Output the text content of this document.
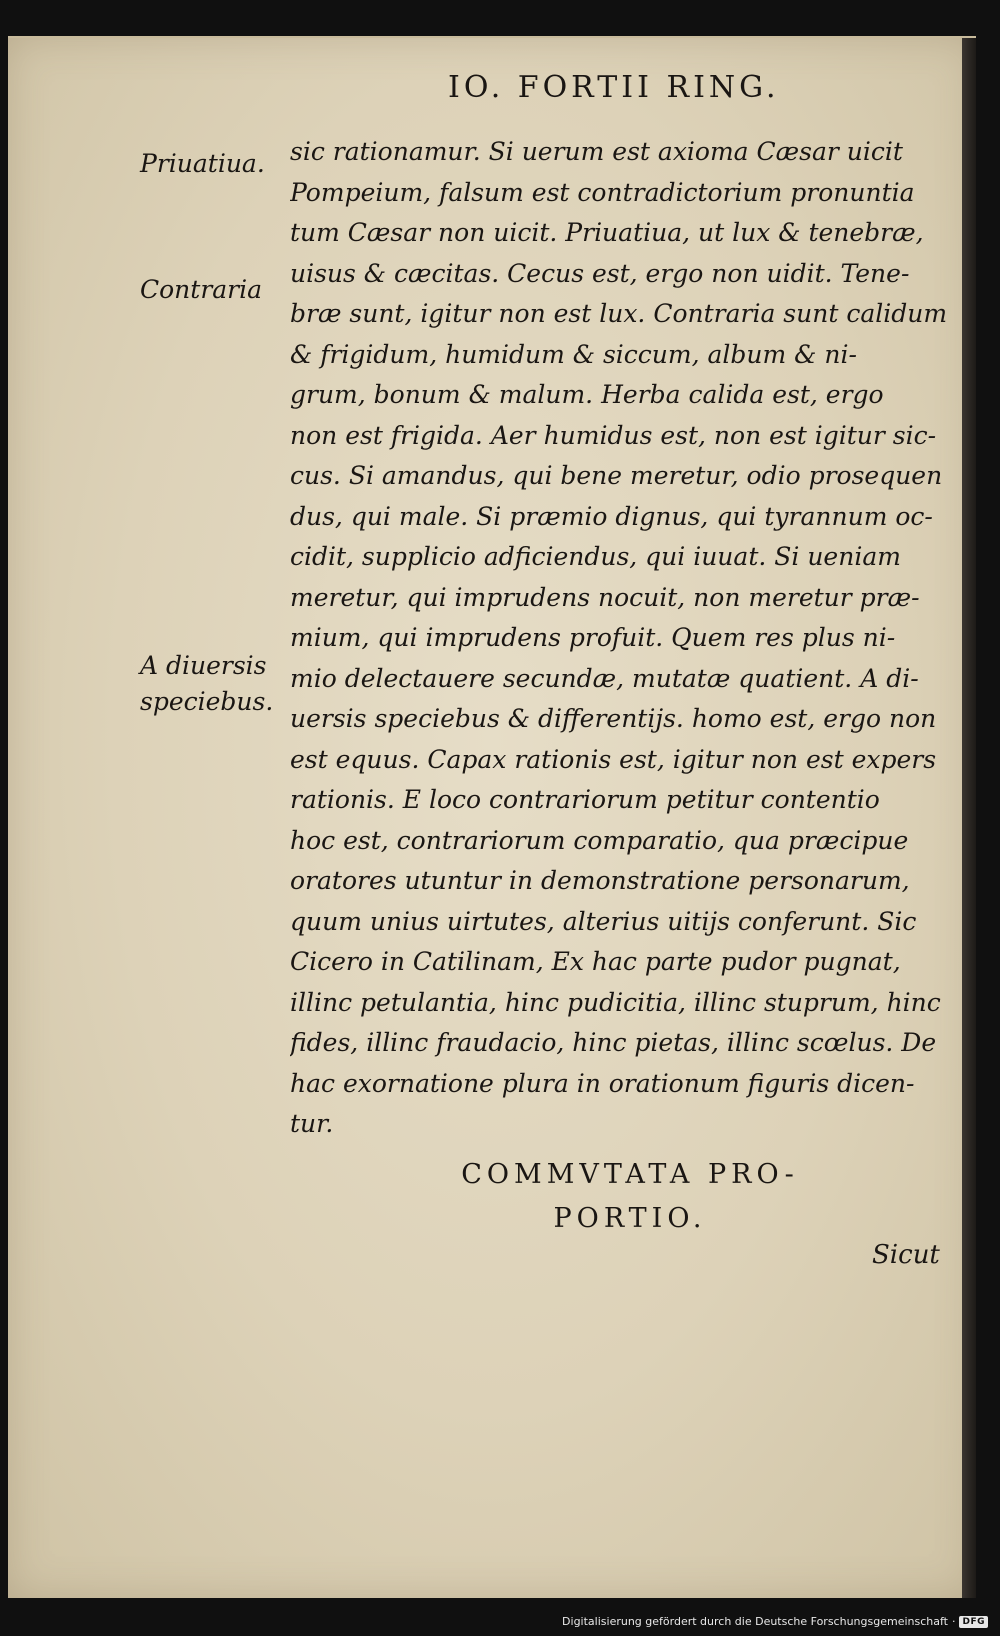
IO. FORTII RING.
Priuatiua.
Contraria
A diuersis
speciebus.
sic rationamur. Si uerum est axioma Cæsar uicit
Pompeium, falsum est contradictorium pronuntia
tum Cæsar non uicit. Priuatiua, ut lux & tenebræ,
uisus & cæcitas. Cecus est, ergo non uidit. Tene-
bræ sunt, igitur non est lux. Contraria sunt calidum
& frigidum, humidum & siccum, album & ni-
grum, bonum & malum. Herba calida est, ergo
non est frigida. Aer humidus est, non est igitur sic-
cus. Si amandus, qui bene meretur, odio prosequen
dus, qui male. Si præmio dignus, qui tyrannum oc-
cidit, supplicio adficiendus, qui iuuat. Si ueniam
meretur, qui imprudens nocuit, non meretur præ-
mium, qui imprudens profuit. Quem res plus ni-
mio delectauere secundæ, mutatæ quatient. A di-
uersis speciebus & differentijs. homo est, ergo non
est equus. Capax rationis est, igitur non est expers
rationis. E loco contrariorum petitur contentio
hoc est, contrariorum comparatio, qua præcipue
oratores utuntur in demonstratione personarum,
quum unius uirtutes, alterius uitijs conferunt. Sic
Cicero in Catilinam, Ex hac parte pudor pugnat,
illinc petulantia, hinc pudicitia, illinc stuprum, hinc
fides, illinc fraudacio, hinc pietas, illinc scœlus. De
hac exornatione plura in orationum figuris dicen-
tur.
COMMVTATA PRO-
PORTIO.
Sicut
Digitalisierung gefördert durch die Deutsche Forschungsgemeinschaft · DFG
